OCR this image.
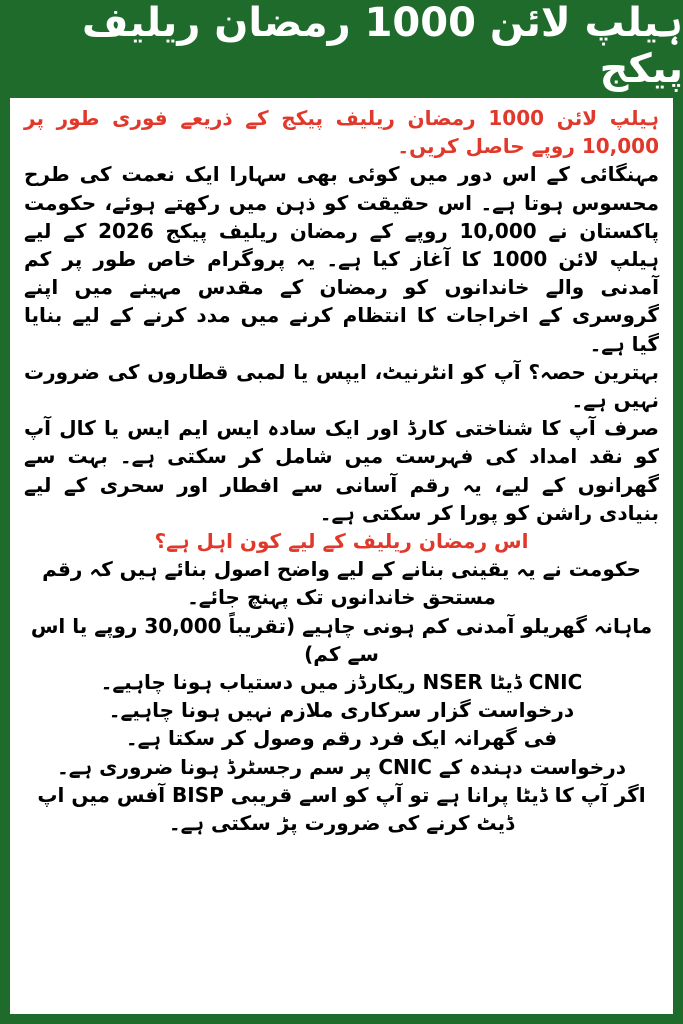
ہیلپ لائن 1000 رمضان ریلیف پیکج

ہیلپ لائن 1000 رمضان ریلیف پیکج کے ذریعے فوری طور پر 10,000 روپے حاصل کریں۔

مہنگائی کے اس دور میں کوئی بھی سہارا ایک نعمت کی طرح محسوس ہوتا ہے۔ اس حقیقت کو ذہن میں رکھتے ہوئے، حکومت پاکستان نے 10,000 روپے کے رمضان ریلیف پیکج 2026 کے لیے ہیلپ لائن 1000 کا آغاز کیا ہے۔ یہ پروگرام خاص طور پر کم آمدنی والے خاندانوں کو رمضان کے مقدس مہینے میں اپنے گروسری کے اخراجات کا انتظام کرنے میں مدد کرنے کے لیے بنایا گیا ہے۔

بہترین حصہ؟ آپ کو انٹرنیٹ، ایپس یا لمبی قطاروں کی ضرورت نہیں ہے۔

صرف آپ کا شناختی کارڈ اور ایک سادہ ایس ایم ایس یا کال آپ کو نقد امداد کی فہرست میں شامل کر سکتی ہے۔ بہت سے گھرانوں کے لیے، یہ رقم آسانی سے افطار اور سحری کے لیے بنیادی راشن کو پورا کر سکتی ہے۔

اس رمضان ریلیف کے لیے کون اہل ہے؟

حکومت نے یہ یقینی بنانے کے لیے واضح اصول بنائے ہیں کہ رقم مستحق خاندانوں تک پہنچ جائے۔

ماہانہ گھریلو آمدنی کم ہونی چاہیے (تقریباً 30,000 روپے یا اس سے کم)

CNIC ڈیٹا NSER ریکارڈز میں دستیاب ہونا چاہیے۔

درخواست گزار سرکاری ملازم نہیں ہونا چاہیے۔

فی گھرانہ ایک فرد رقم وصول کر سکتا ہے۔

درخواست دہندہ کے CNIC پر سم رجسٹرڈ ہونا ضروری ہے۔

اگر آپ کا ڈیٹا پرانا ہے تو آپ کو اسے قریبی BISP آفس میں اپ ڈیٹ کرنے کی ضرورت پڑ سکتی ہے۔
